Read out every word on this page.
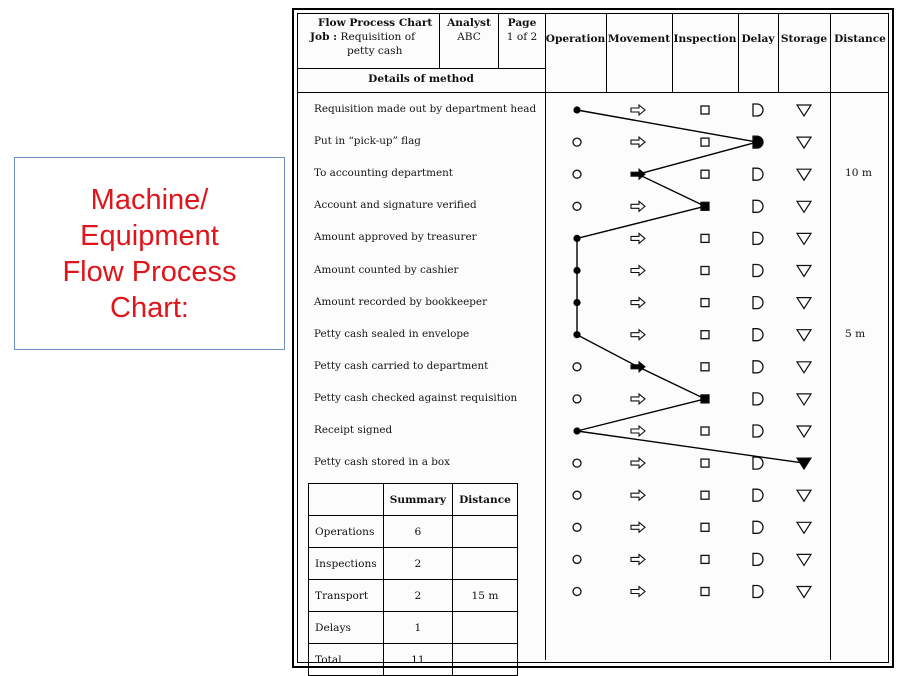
Machine/
Equipment
Flow Process
Chart:
Flow Process Chart
Job : Requisition of
petty cash
Analyst
ABC
Page
1 of 2
Details of method
Operation Movement Inspection Delay Storage Distance
Requisition made out by department head
Put in “pick-up” flag
To accounting department	10 m
Account and signature verified
Amount approved by treasurer
Amount counted by cashier
Amount recorded by bookkeeper
Petty cash sealed in envelope	5 m
Petty cash carried to department
Petty cash checked against requisition
Receipt signed
Petty cash stored in a box
	Summary	Distance
Operations	6	
Inspections	2	
Transport	2	15 m
Delays	1	
Total	11	
